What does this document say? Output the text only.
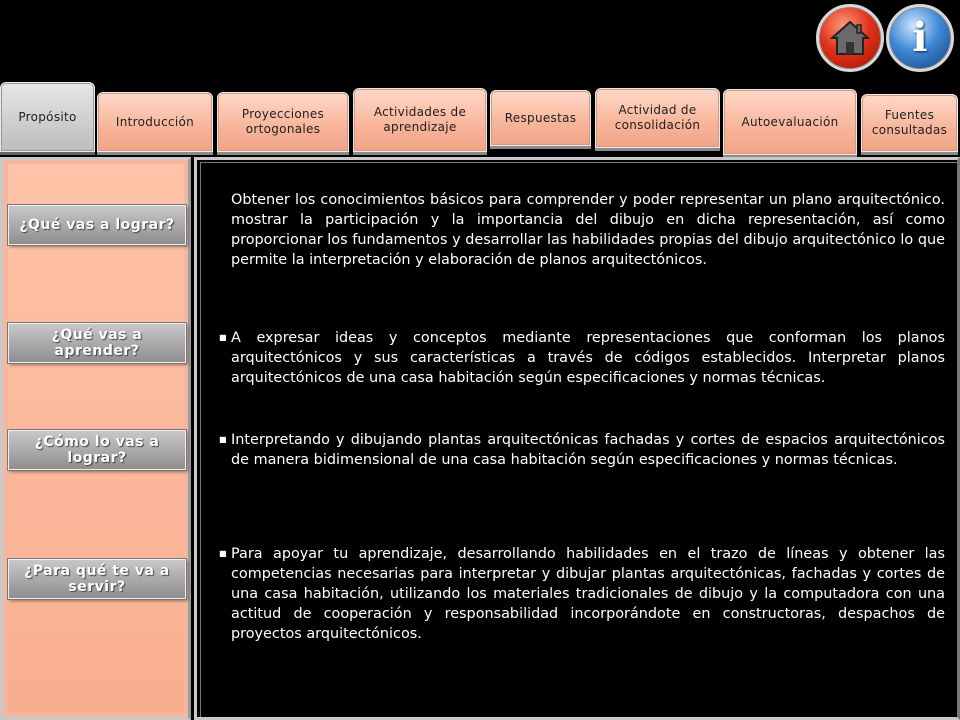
i
Propósito	Introducción
Proyecciones ortogonales
Actividades de aprendizaje
Respuestas
Actividad de consolidación	Autoevaluación	Fuentes consultadas
¿Qué vas a lograr?
¿Qué vas a aprender?
¿Cómo lo vas a lograr?
¿Para qué te va a servir?
Obtener los conocimientos básicos para comprender y poder representar un plano arquitectónico. mostrar la participación y la importancia del dibujo en dicha representación, así como proporcionar los fundamentos y desarrollar las habilidades propias del dibujo arquitectónico lo que permite la interpretación y elaboración de planos arquitectónicos.
■ A expresar ideas y conceptos mediante representaciones que conforman los planos arquitectónicos y sus características a través de códigos establecidos. Interpretar planos arquitectónicos de una casa habitación según especificaciones y normas técnicas.
■ Interpretando y dibujando plantas arquitectónicas fachadas y cortes de espacios arquitectónicos de manera bidimensional de una casa habitación según especificaciones y normas técnicas.
■ Para apoyar tu aprendizaje, desarrollando habilidades en el trazo de líneas y obtener las competencias necesarias para interpretar y dibujar plantas arquitectónicas, fachadas y cortes de una casa habitación, utilizando los materiales tradicionales de dibujo y la computadora con una actitud de cooperación y responsabilidad incorporándote en constructoras, despachos de proyectos arquitectónicos.
